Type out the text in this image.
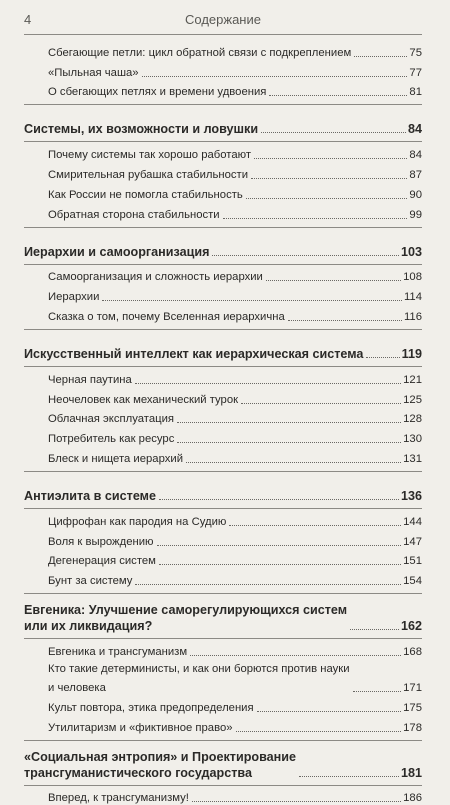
4	Содержание
Сбегающие петли: цикл обратной связи с подкреплением	75
«Пыльная чаша»	77
О сбегающих петлях и времени удвоения	81
Системы, их возможности и ловушки	84
Почему системы так хорошо работают	84
Смирительная рубашка стабильности	87
Как России не помогла стабильность	90
Обратная сторона стабильности	99
Иерархии и самоорганизация	103
Самоорганизация и сложность иерархии	108
Иерархии	114
Сказка о том, почему Вселенная иерархична	116
Искусственный интеллект как иерархическая система	119
Черная паутина	121
Неочеловек как механический турок	125
Облачная эксплуатация	128
Потребитель как ресурс	130
Блеск и нищета иерархий	131
Антиэлита в системе	136
Цифрофан как пародия на Судию	144
Воля к вырождению	147
Дегенерация систем	151
Бунт за систему	154
Евгеника: Улучшение саморегулирующихся систем
или их ликвидация?	162
Евгеника и трансгуманизм	168
Кто такие детерминисты, и как они борются против науки
и человека	171
Культ повтора, этика предопределения	175
Утилитаризм и «фиктивное право»	178
«Социальная энтропия» и Проектирование
трансгуманистического государства	181
Вперед, к трансгуманизму!	186
